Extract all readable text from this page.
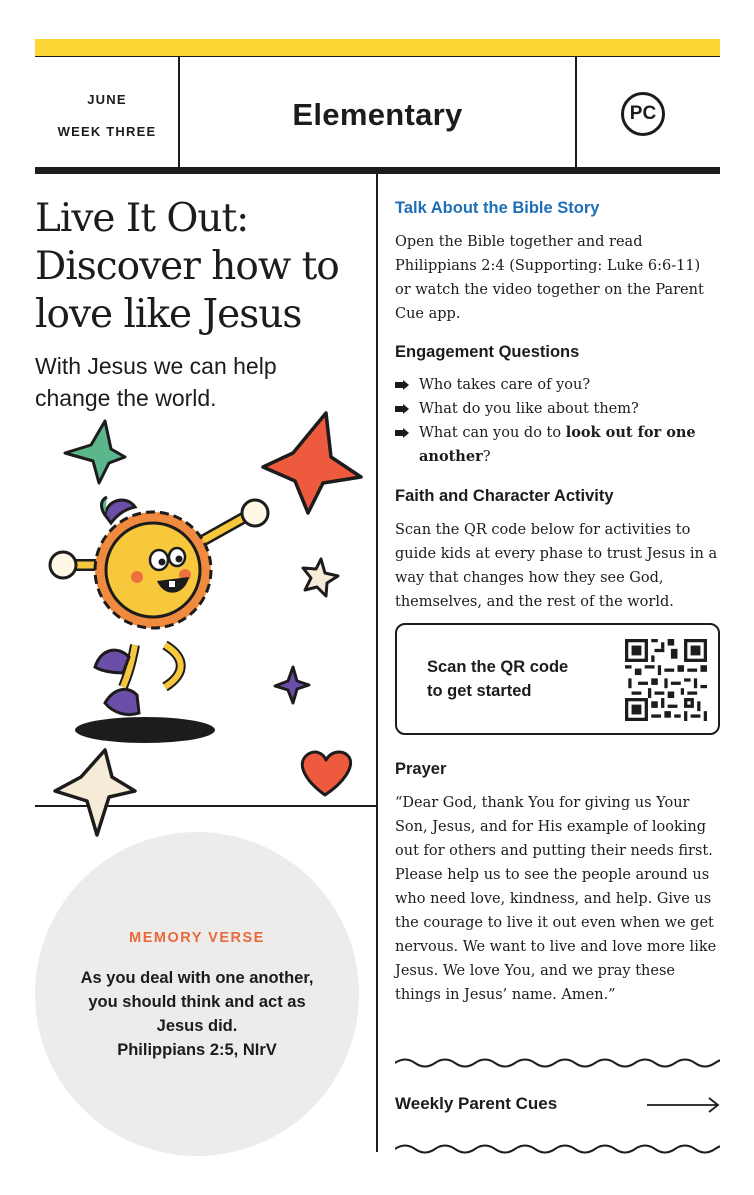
JUNE
WEEK THREE	Elementary	PC
Live It Out: Discover how to love like Jesus

With Jesus we can help change the world.

MEMORY VERSE
As you deal with one another, you should think and act as Jesus did.
Philippians 2:5, NIrV
Talk About the Bible Story
Open the Bible together and read Philippians 2:4 (Supporting: Luke 6:6-11) or watch the video together on the Parent Cue app.
Engagement Questions
Who takes care of you?
What do you like about them?
What can you do to look out for one another?
Faith and Character Activity
Scan the QR code below for activities to guide kids at every phase to trust Jesus in a way that changes how they see God, themselves, and the rest of the world.
Scan the QR code
to get started
Prayer
“Dear God, thank You for giving us Your Son, Jesus, and for His example of looking out for others and putting their needs first. Please help us to see the people around us who need love, kindness, and help. Give us the courage to live it out even when we get nervous. We want to live and love more like Jesus. We love You, and we pray these things in Jesus’ name. Amen.”
Weekly Parent Cues
